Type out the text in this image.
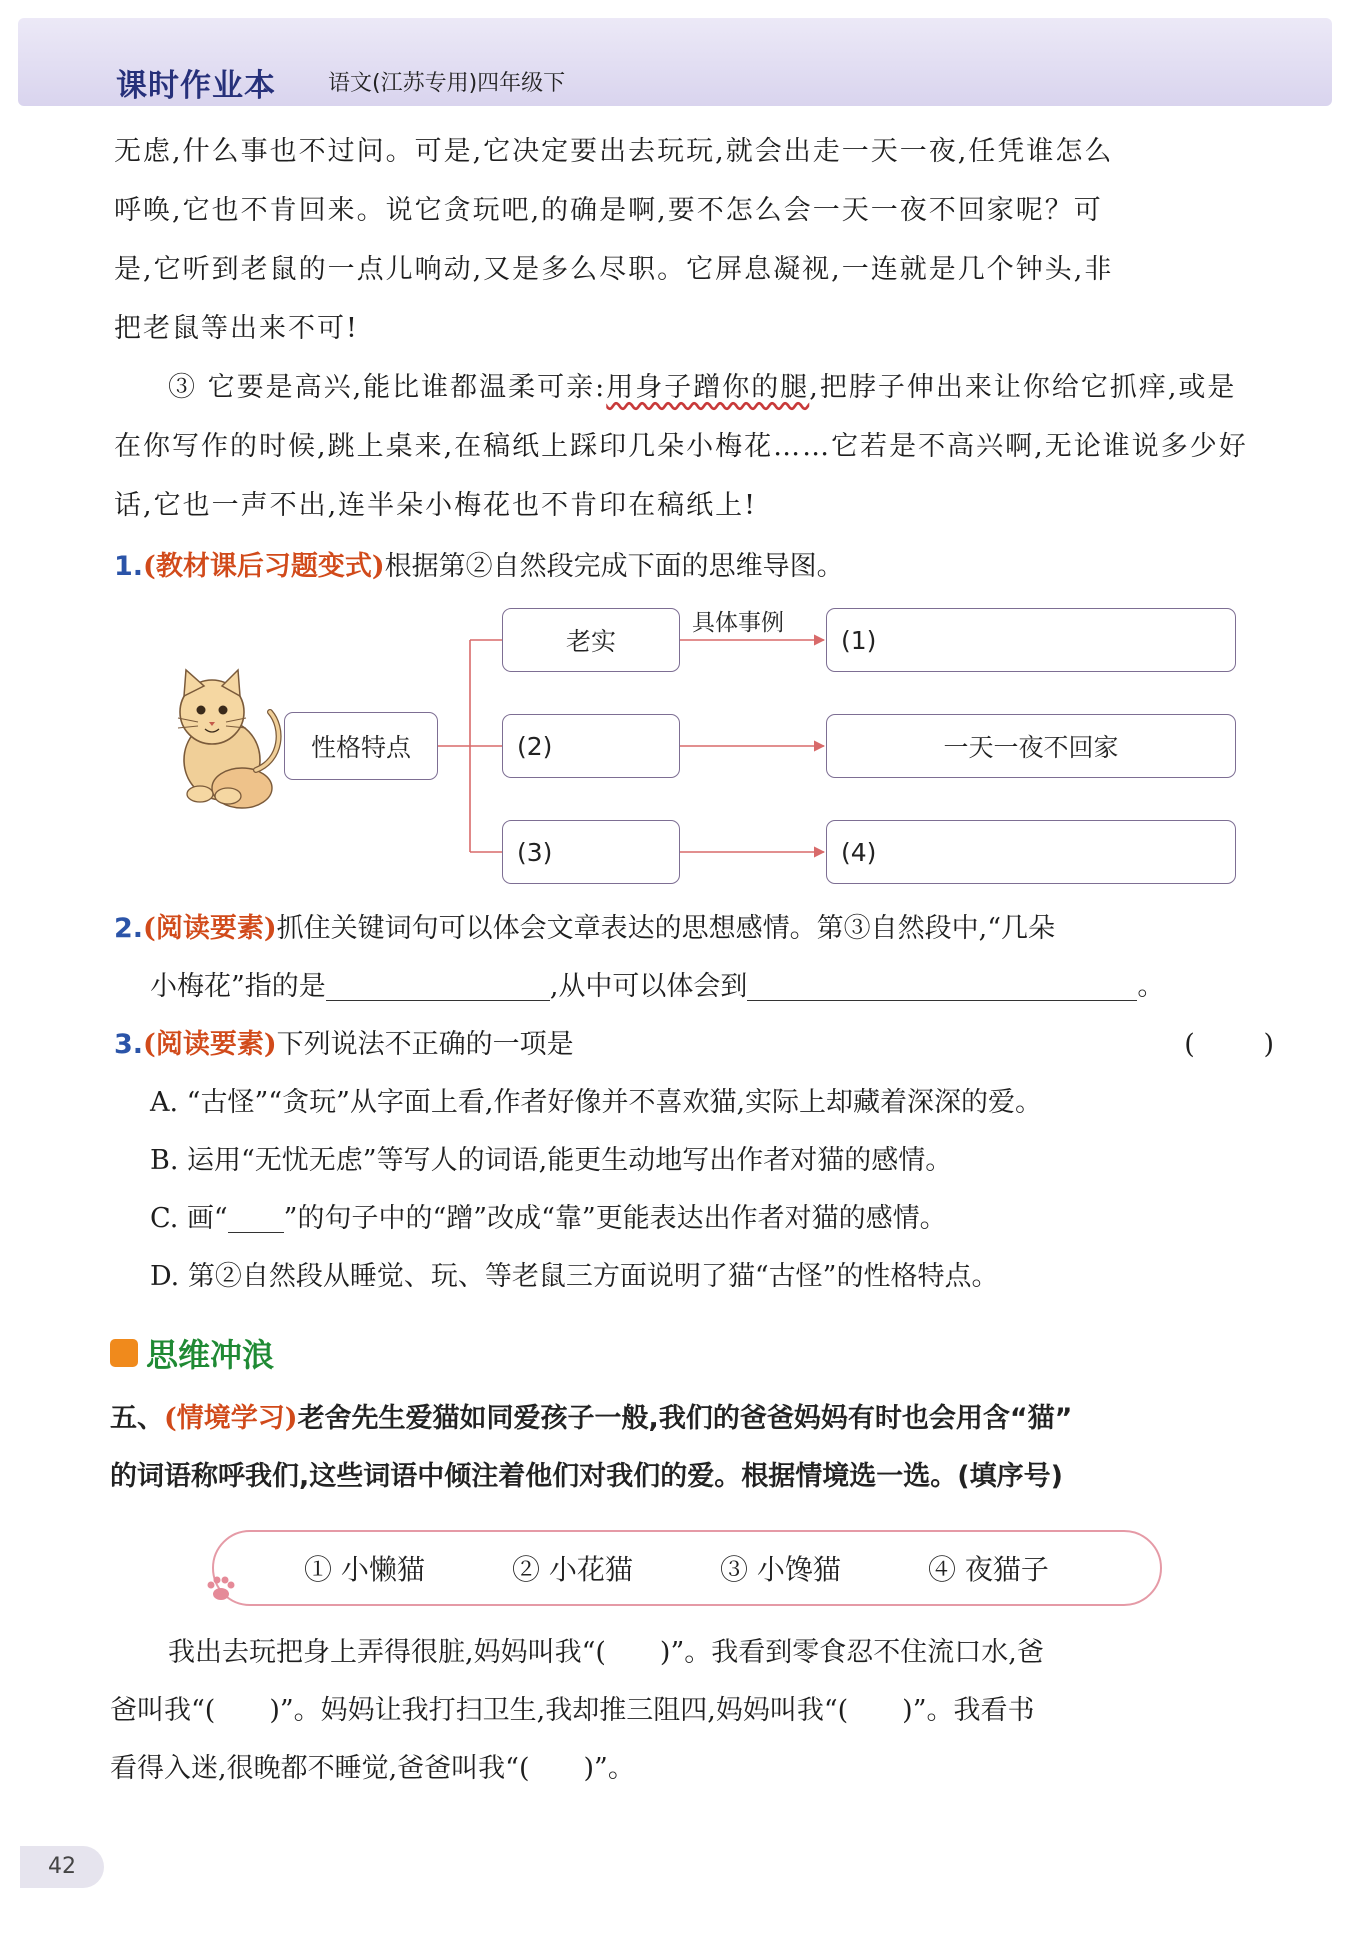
课时作业本 语文(江苏专用)四年级下

无虑,什么事也不过问。可是,它决定要出去玩玩,就会出走一天一夜,任凭谁怎么

呼唤,它也不肯回来。说它贪玩吧,的确是啊,要不怎么会一天一夜不回家呢？可

是,它听到老鼠的一点儿响动,又是多么尽职。它屏息凝视,一连就是几个钟头,非

把老鼠等出来不可!

③ 它要是高兴,能比谁都温柔可亲:用身子蹭你的腿,把脖子伸出来让你给它抓痒,或是在你写作的时候,跳上桌来,在稿纸上踩印几朵小梅花……它若是不高兴啊,无论谁说多少好话,它也一声不出,连半朵小梅花也不肯印在稿纸上!

1.(教材课后习题变式)根据第②自然段完成下面的思维导图。
性格特点
老实
(2)
(3)
具体事例
(1)
一天一夜不回家
(4)
2.(阅读要素)抓住关键词句可以体会文章表达的思想感情。第③自然段中,“几朵
小梅花”指的是	,从中可以体会到	。
3.(阅读要素)下列说法不正确的一项是	(        )
A. “古怪”“贪玩”从字面上看,作者好像并不喜欢猫,实际上却藏着深深的爱。
B. 运用“无忧无虑”等写人的词语,能更生动地写出作者对猫的感情。
C. 画“ ”的句子中的“蹭”改成“靠”更能表达出作者对猫的感情。
D. 第②自然段从睡觉、玩、等老鼠三方面说明了猫“古怪”的性格特点。
思维冲浪
五、(情境学习)老舍先生爱猫如同爱孩子一般,我们的爸爸妈妈有时也会用含“猫”
的词语称呼我们,这些词语中倾注着他们对我们的爱。根据情境选一选。(填序号)
① 小懒猫	② 小花猫	③ 小馋猫	④ 夜猫子
我出去玩把身上弄得很脏,妈妈叫我“(　　)”。我看到零食忍不住流口水,爸
爸叫我“(　　)”。妈妈让我打扫卫生,我却推三阻四,妈妈叫我“(　　)”。我看书
看得入迷,很晚都不睡觉,爸爸叫我“(　　)”。
42
